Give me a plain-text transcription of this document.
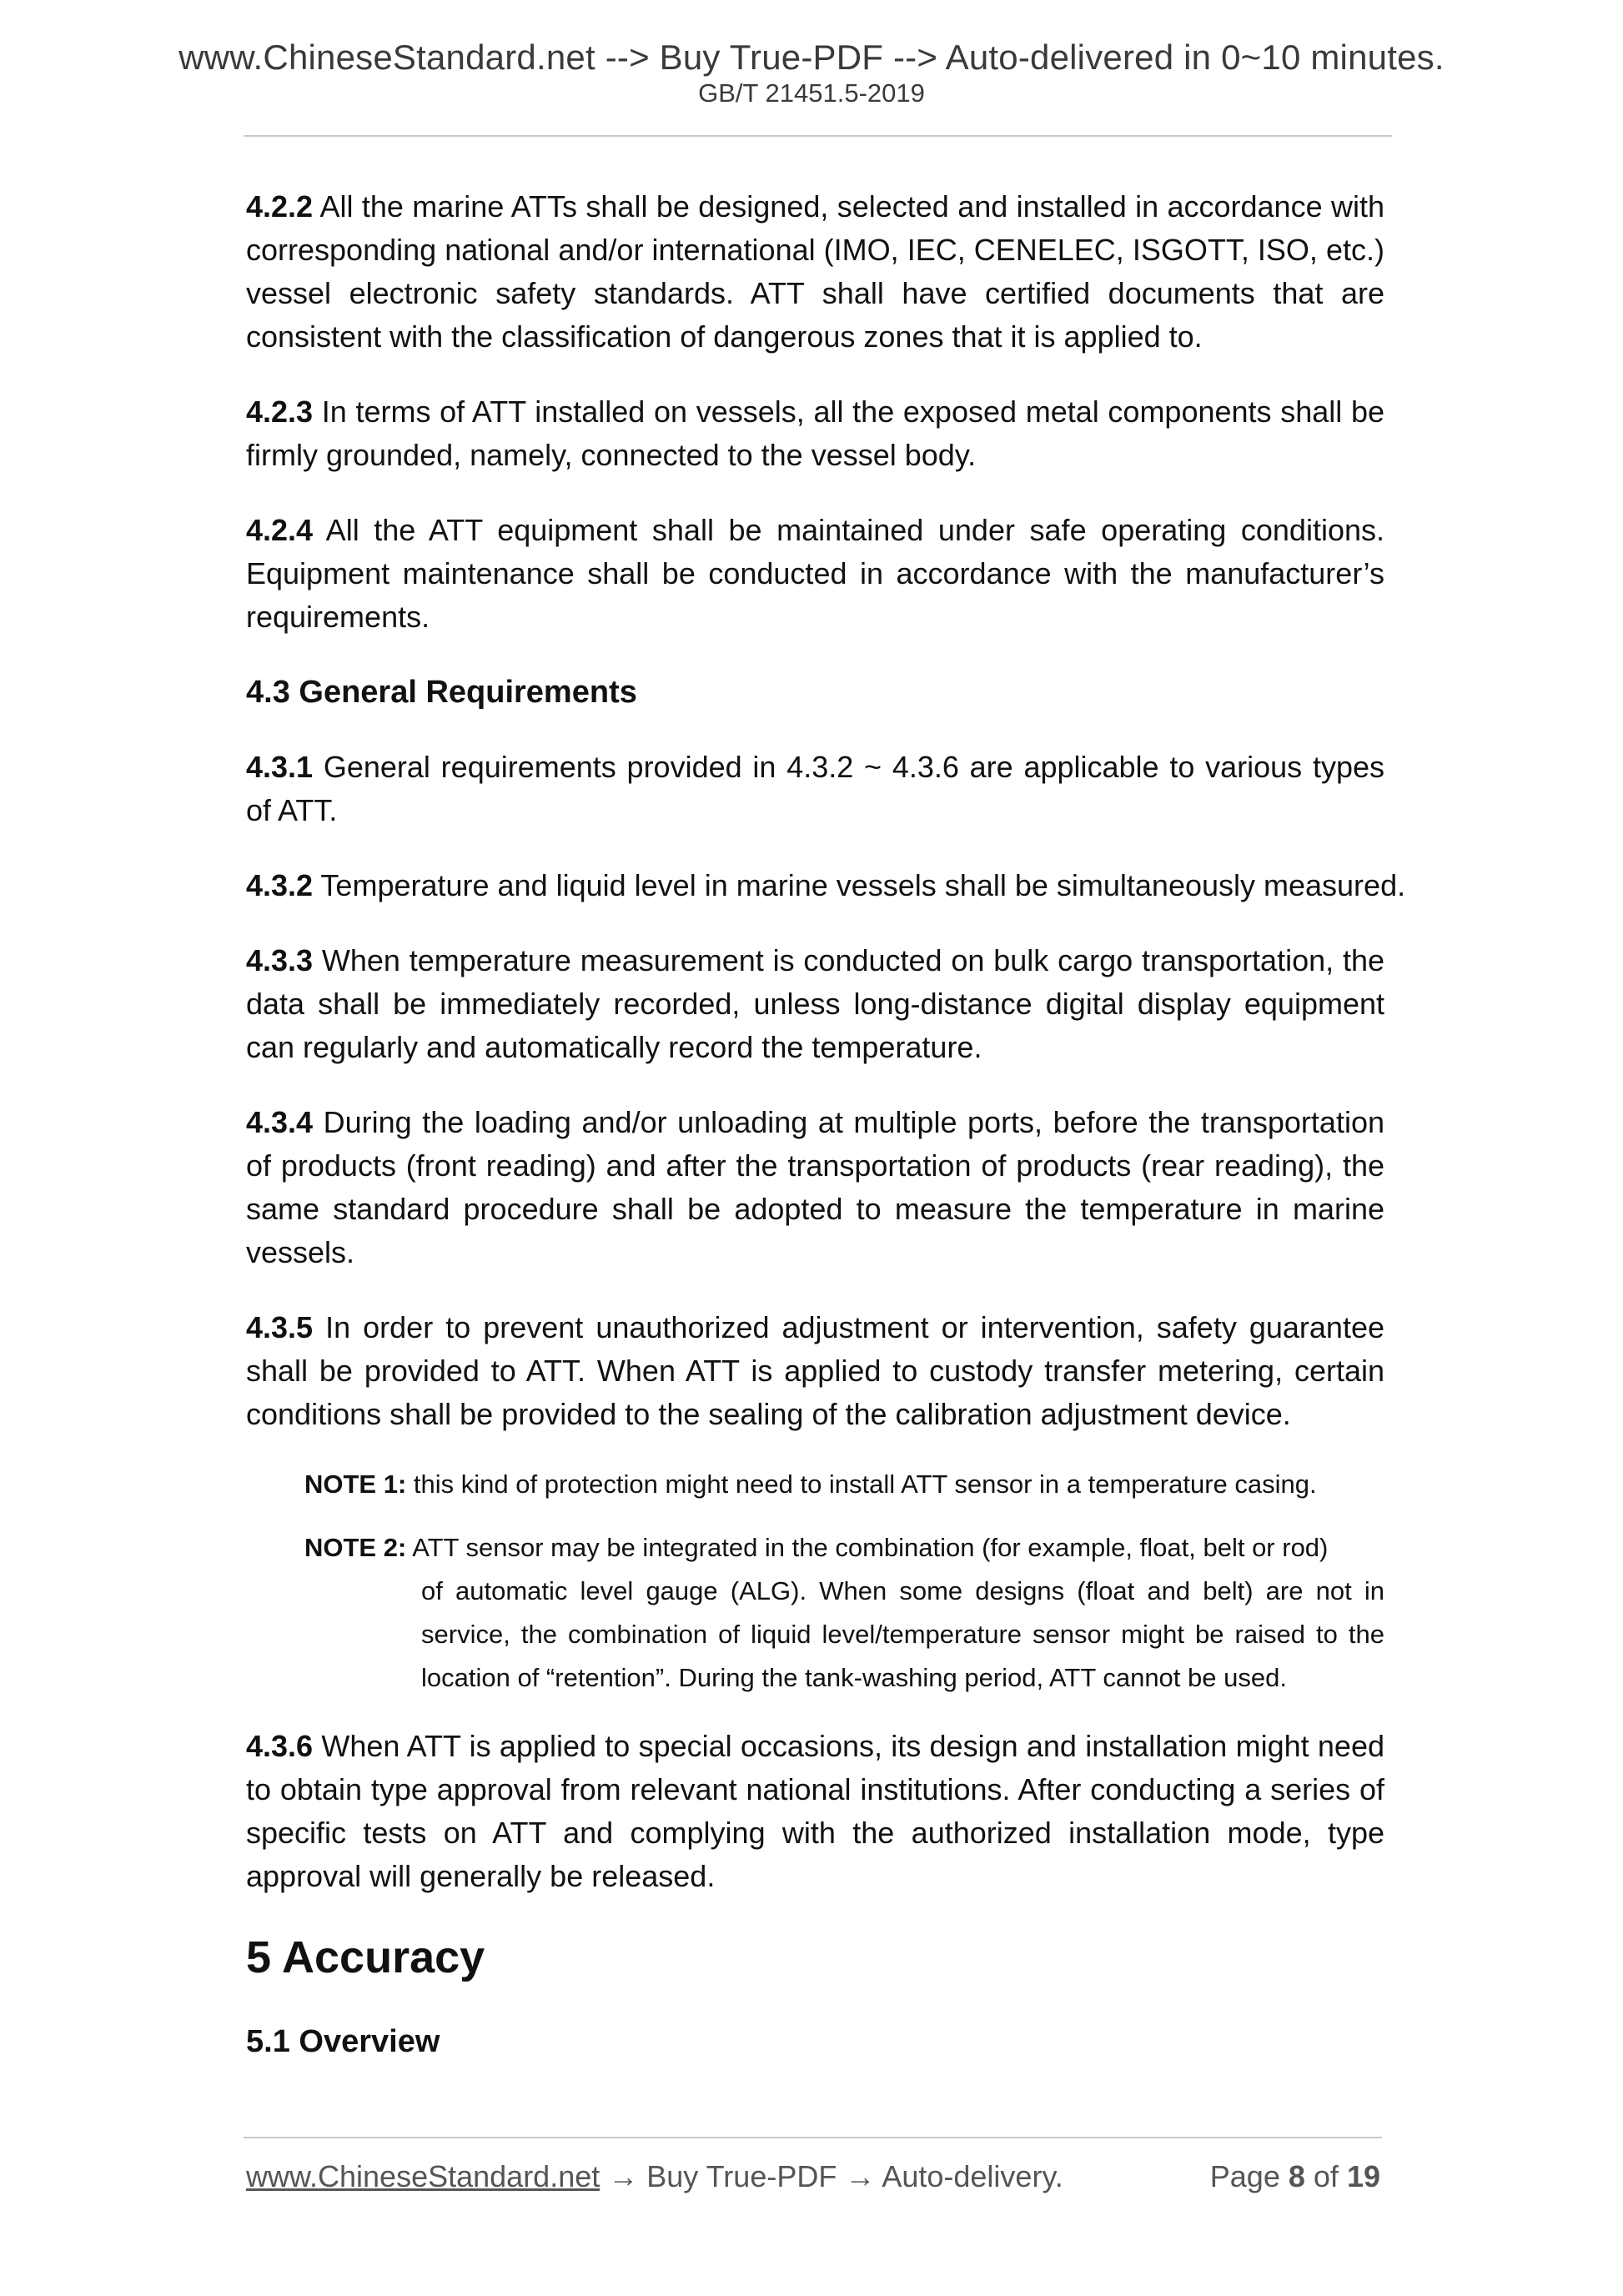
www.ChineseStandard.net --> Buy True-PDF --> Auto-delivered in 0~10 minutes.
GB/T 21451.5-2019

4.2.2 All the marine ATTs shall be designed, selected and installed in accordance with corresponding national and/or international (IMO, IEC, CENELEC, ISGOTT, ISO, etc.) vessel electronic safety standards. ATT shall have certified documents that are consistent with the classification of dangerous zones that it is applied to.

4.2.3 In terms of ATT installed on vessels, all the exposed metal components shall be firmly grounded, namely, connected to the vessel body.

4.2.4 All the ATT equipment shall be maintained under safe operating conditions. Equipment maintenance shall be conducted in accordance with the manufacturer’s requirements.

4.3 General Requirements

4.3.1 General requirements provided in 4.3.2 ~ 4.3.6 are applicable to various types of ATT.

4.3.2 Temperature and liquid level in marine vessels shall be simultaneously measured.

4.3.3 When temperature measurement is conducted on bulk cargo transportation, the data shall be immediately recorded, unless long-distance digital display equipment can regularly and automatically record the temperature.

4.3.4 During the loading and/or unloading at multiple ports, before the transportation of products (front reading) and after the transportation of products (rear reading), the same standard procedure shall be adopted to measure the temperature in marine vessels.

4.3.5 In order to prevent unauthorized adjustment or intervention, safety guarantee shall be provided to ATT. When ATT is applied to custody transfer metering, certain conditions shall be provided to the sealing of the calibration adjustment device.

NOTE 1: this kind of protection might need to install ATT sensor in a temperature casing.
NOTE 2: ATT sensor may be integrated in the combination (for example, float, belt or rod)
of automatic level gauge (ALG). When some designs (float and belt) are not in service, the combination of liquid level/temperature sensor might be raised to the location of “retention”. During the tank-washing period, ATT cannot be used.

4.3.6 When ATT is applied to special occasions, its design and installation might need to obtain type approval from relevant national institutions. After conducting a series of specific tests on ATT and complying with the authorized installation mode, type approval will generally be released.

5 Accuracy
5.1 Overview
www.ChineseStandard.net → Buy True-PDF → Auto-delivery.	Page 8 of 19
